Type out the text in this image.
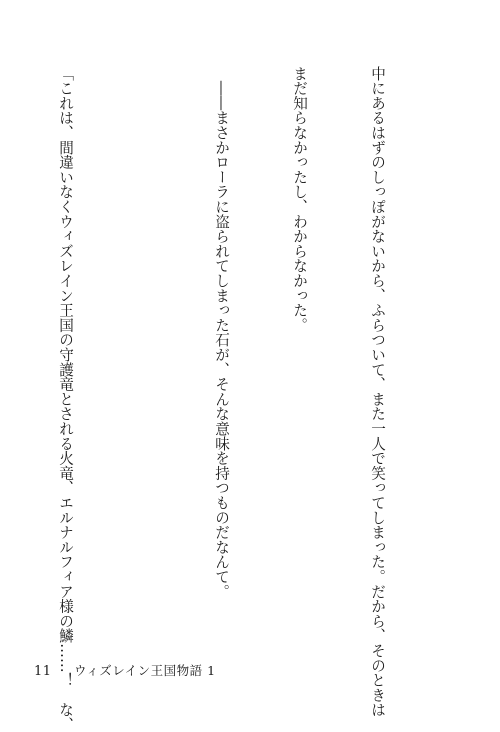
中にあるはずのしっぽがないから、ふらついて、また一人で笑ってしまった。だから、そのときは

まだ知らなかったし、わからなかった。

　――まさかローラに盗られてしまった石が、そんな意味を持つものだなんて。

「これは、間違いなくウィズレイン王国の守護竜とされる火竜、エルナルフィア様の鱗……！　な、

11 ウィズレイン王国物語 1
